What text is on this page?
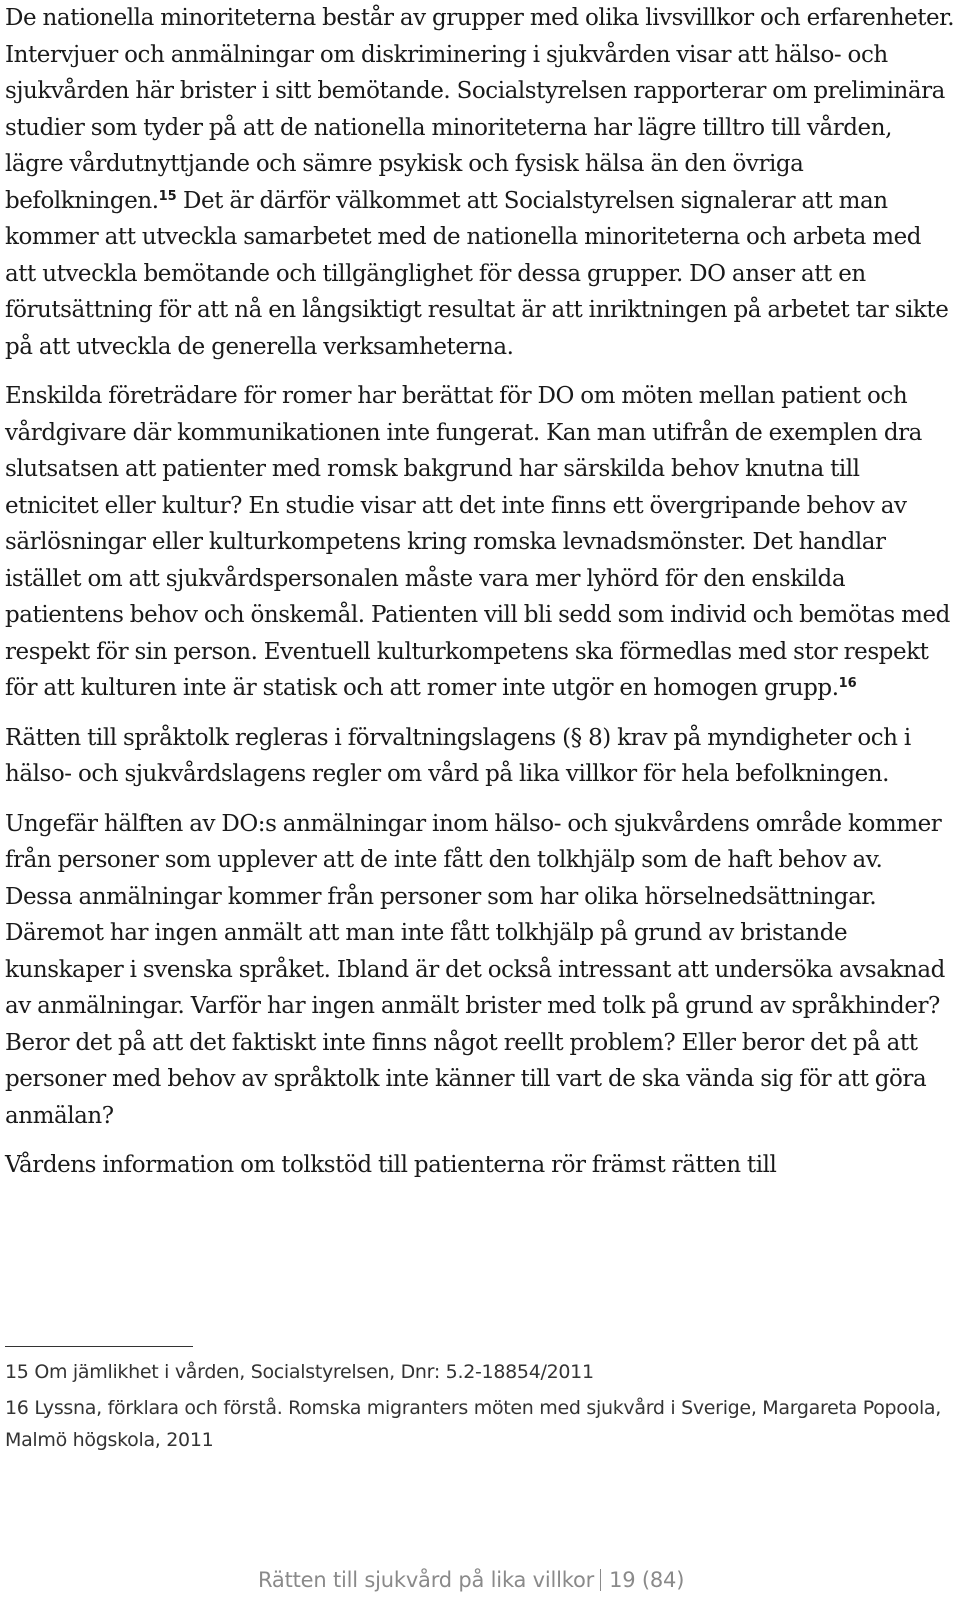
De nationella minoriteterna består av grupper med olika livsvillkor och erfarenheter. Intervjuer och anmälningar om diskriminering i sjukvården visar att hälso- och sjukvården här brister i sitt bemötande. Socialstyrelsen rapporterar om preliminära studier som tyder på att de nationella minoriteterna har lägre tilltro till vården, lägre vårdutnyttjande och sämre psykisk och fysisk hälsa än den övriga befolkningen.$^{15}$ Det är därför välkommet att Socialstyrelsen signalerar att man kommer att utveckla samarbetet med de nationella minoriteterna och arbeta med att utveckla bemötande och tillgänglighet för dessa grupper. DO anser att en förutsättning för att nå en långsiktigt resultat är att inriktningen på arbetet tar sikte på att utveckla de generella verksamheterna.

Enskilda företrädare för romer har berättat för DO om möten mellan patient och vårdgivare där kommunikationen inte fungerat. Kan man utifrån de exemplen dra slutsatsen att patienter med romsk bakgrund har särskilda behov knutna till etnicitet eller kultur? En studie visar att det inte finns ett övergripande behov av särlösningar eller kulturkompetens kring romska levnadsmönster. Det handlar istället om att sjukvårdspersonalen måste vara mer lyhörd för den enskilda patientens behov och önskemål. Patienten vill bli sedd som individ och bemötas med respekt för sin person. Eventuell kulturkompetens ska förmedlas med stor respekt för att kulturen inte är statisk och att romer inte utgör en homogen grupp.$^{16}$

Rätten till språktolk regleras i förvaltningslagens (§ 8) krav på myndigheter och i hälso- och sjukvårdslagens regler om vård på lika villkor för hela befolkningen.

Ungefär hälften av DO:s anmälningar inom hälso- och sjukvårdens område kommer från personer som upplever att de inte fått den tolkhjälp som de haft behov av. Dessa anmälningar kommer från personer som har olika hörselnedsättningar. Däremot har ingen anmält att man inte fått tolkhjälp på grund av bristande kunskaper i svenska språket. Ibland är det också intressant att undersöka avsaknad av anmälningar. Varför har ingen anmält brister med tolk på grund av språkhinder? Beror det på att det faktiskt inte finns något reellt problem? Eller beror det på att personer med behov av språktolk inte känner till vart de ska vända sig för att göra anmälan?

Vårdens information om tolkstöd till patienterna rör främst rätten till

15 Om jämlikhet i vården, Socialstyrelsen, Dnr: 5.2-18854/2011
16 Lyssna, förklara och förstå. Romska migranters möten med sjukvård i Sverige, Margareta Popoola, Malmö högskola, 2011
Rätten till sjukvård på lika villkor 19 (84)
